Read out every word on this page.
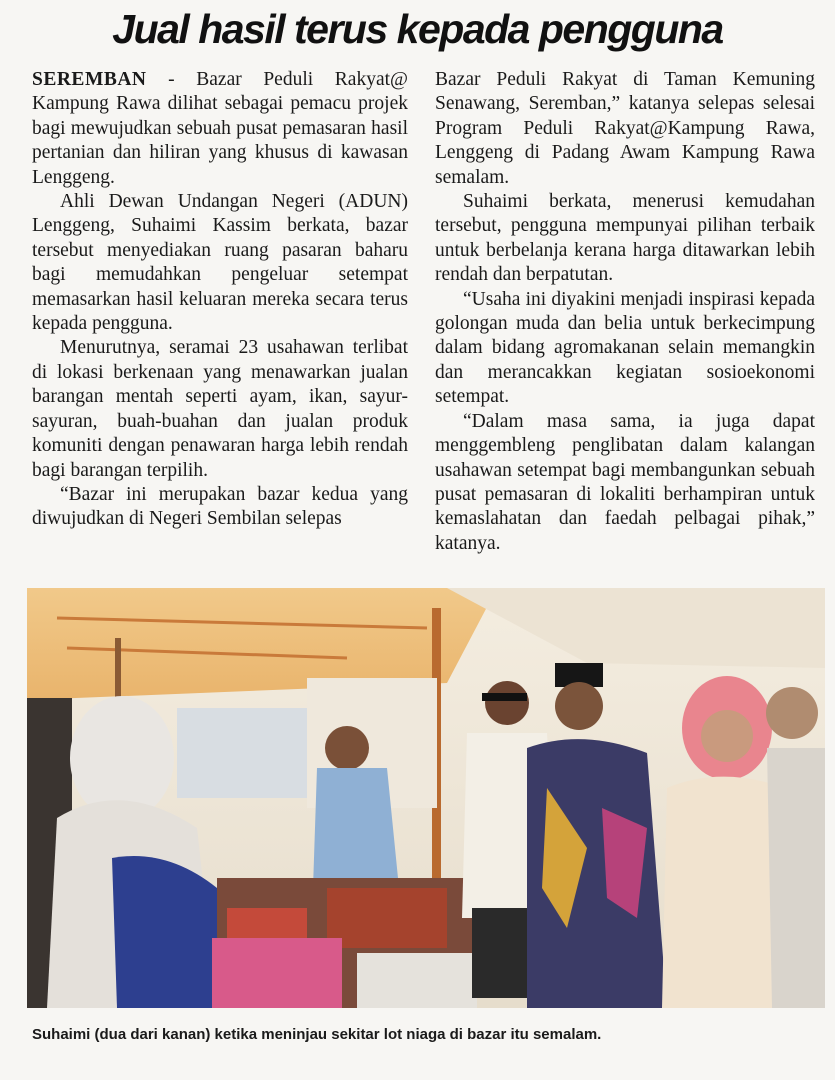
Jual hasil terus kepada pengguna

SEREMBAN - Bazar Peduli Rakyat@ Kampung Rawa dilihat sebagai pemacu projek bagi mewujudkan sebuah pusat pemasaran hasil pertanian dan hiliran yang khusus di kawasan Lenggeng.

Ahli Dewan Undangan Negeri (ADUN) Lenggeng, Suhaimi Kassim berkata, bazar tersebut menyediakan ruang pasaran baharu bagi memudahkan pengeluar setempat memasarkan hasil keluaran mereka secara terus kepada pengguna.

Menurutnya, seramai 23 usahawan terlibat di lokasi berkenaan yang menawarkan jualan barangan mentah seperti ayam, ikan, sayur-sayuran, buah-buahan dan jualan produk komuniti dengan penawaran harga lebih rendah bagi barangan terpilih.

“Bazar ini merupakan bazar kedua yang diwujudkan di Negeri Sembilan selepas

Bazar Peduli Rakyat di Taman Kemuning Senawang, Seremban,” katanya selepas selesai Program Peduli Rakyat@Kampung Rawa, Lenggeng di Padang Awam Kampung Rawa semalam.

Suhaimi berkata, menerusi kemudahan tersebut, pengguna mempunyai pilihan terbaik untuk berbelanja kerana harga ditawarkan lebih rendah dan berpatutan.

“Usaha ini diyakini menjadi inspirasi kepada golongan muda dan belia untuk berkecimpung dalam bidang agromakanan selain memangkin dan merancakkan kegiatan sosioekonomi setempat.

“Dalam masa sama, ia juga dapat menggembleng penglibatan dalam kalangan usahawan setempat bagi membangunkan sebuah pusat pemasaran di lokaliti berhampiran untuk kemaslahatan dan faedah pelbagai pihak,” katanya.

Suhaimi (dua dari kanan) ketika meninjau sekitar lot niaga di bazar itu semalam.
